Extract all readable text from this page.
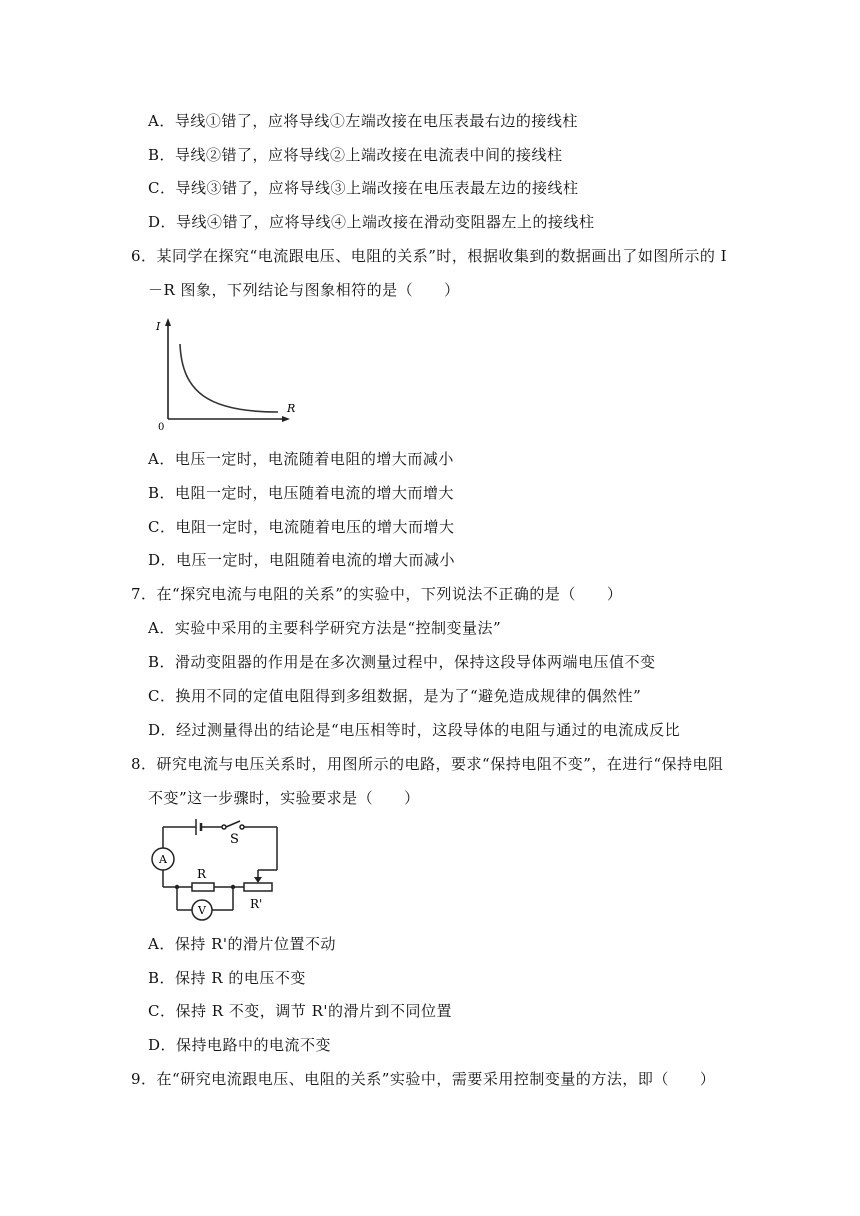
A．导线①错了，应将导线①左端改接在电压表最右边的接线柱
B．导线②错了，应将导线②上端改接在电流表中间的接线柱
C．导线③错了，应将导线③上端改接在电压表最左边的接线柱
D．导线④错了，应将导线④上端改接在滑动变阻器左上的接线柱
6．某同学在探究“电流跟电压、电阻的关系”时，根据收集到的数据画出了如图所示的 I
－R 图象，下列结论与图象相符的是（　　）
I
R
0
A．电压一定时，电流随着电阻的增大而减小
B．电阻一定时，电压随着电流的增大而增大
C．电阻一定时，电流随着电压的增大而增大
D．电压一定时，电阻随着电流的增大而减小
7．在“探究电流与电阻的关系”的实验中，下列说法不正确的是（　　）
A．实验中采用的主要科学研究方法是“控制变量法”
B．滑动变阻器的作用是在多次测量过程中，保持这段导体两端电压值不变
C．换用不同的定值电阻得到多组数据，是为了“避免造成规律的偶然性”
D．经过测量得出的结论是“电压相等时，这段导体的电阻与通过的电流成反比
8．研究电流与电压关系时，用图所示的电路，要求“保持电阻不变”，在进行“保持电阻
不变”这一步骤时，实验要求是（　　）
A
V
S
R
R'
A．保持 R'的滑片位置不动
B．保持 R 的电压不变
C．保持 R 不变，调节 R'的滑片到不同位置
D．保持电路中的电流不变
9．在“研究电流跟电压、电阻的关系”实验中，需要采用控制变量的方法，即（　　）
